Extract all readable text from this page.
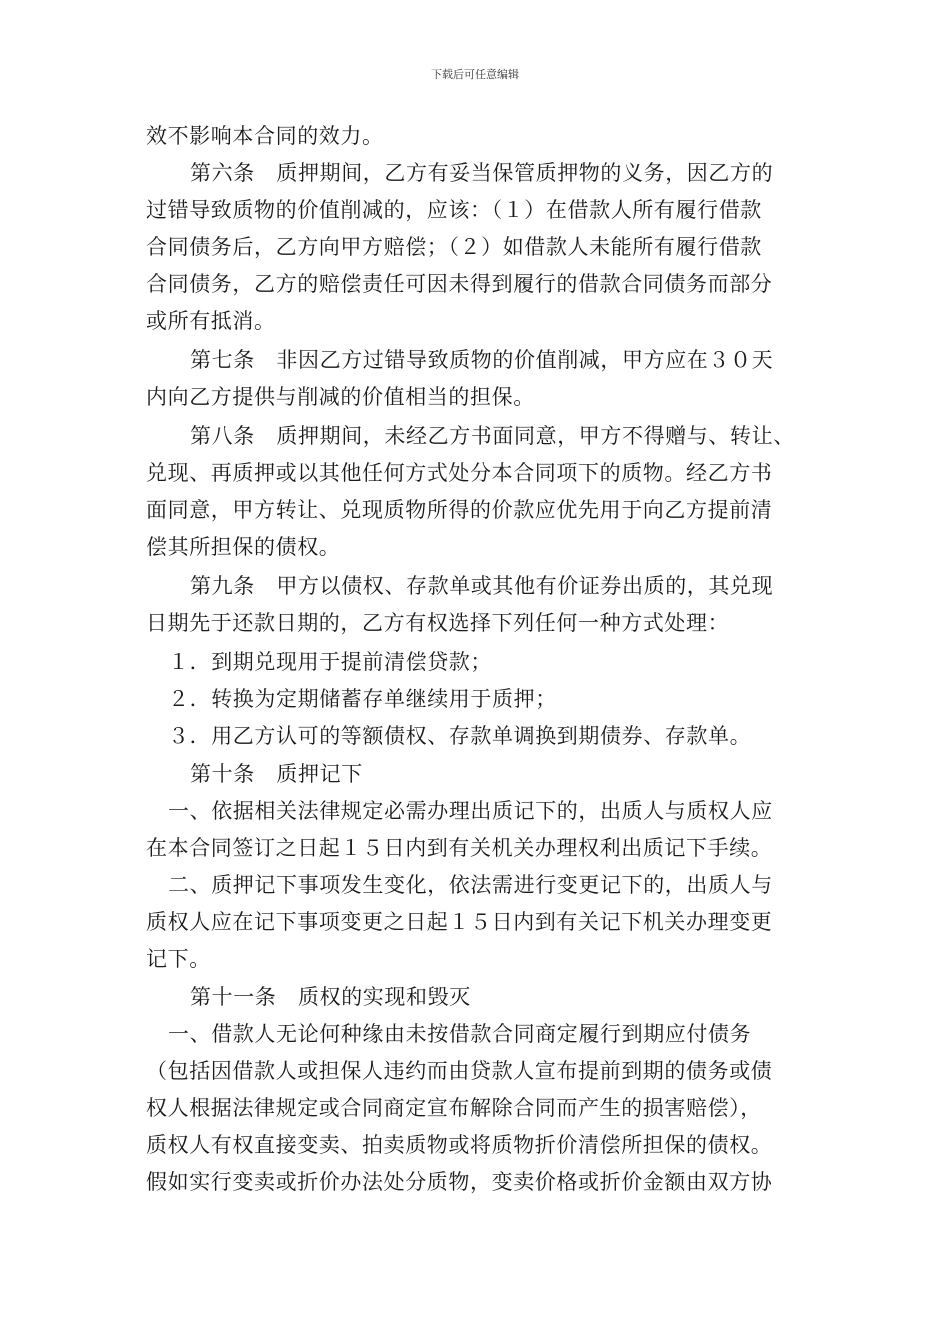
下载后可任意编辑
效不影响本合同的效力。
第六条　质押期间，乙方有妥当保管质押物的义务，因乙方的
过错导致质物的价值削减的，应该：（１）在借款人所有履行借款
合同债务后，乙方向甲方赔偿；（２）如借款人未能所有履行借款
合同债务，乙方的赔偿责任可因未得到履行的借款合同债务而部分
或所有抵消。
第七条　非因乙方过错导致质物的价值削减，甲方应在３０天
内向乙方提供与削减的价值相当的担保。
第八条　质押期间，未经乙方书面同意，甲方不得赠与、转让、
兑现、再质押或以其他任何方式处分本合同项下的质物。经乙方书
面同意，甲方转让、兑现质物所得的价款应优先用于向乙方提前清
偿其所担保的债权。
第九条　甲方以债权、存款单或其他有价证券出质的，其兑现
日期先于还款日期的，乙方有权选择下列任何一种方式处理：
１．到期兑现用于提前清偿贷款；
２．转换为定期储蓄存单继续用于质押；
３．用乙方认可的等额债权、存款单调换到期债券、存款单。
第十条　质押记下
一、依据相关法律规定必需办理出质记下的，出质人与质权人应
在本合同签订之日起１５日内到有关机关办理权利出质记下手续。
二、质押记下事项发生变化，依法需进行变更记下的，出质人与
质权人应在记下事项变更之日起１５日内到有关记下机关办理变更
记下。
第十一条　质权的实现和毁灭
一、借款人无论何种缘由未按借款合同商定履行到期应付债务
（包括因借款人或担保人违约而由贷款人宣布提前到期的债务或债
权人根据法律规定或合同商定宣布解除合同而产生的损害赔偿），
质权人有权直接变卖、拍卖质物或将质物折价清偿所担保的债权。
假如实行变卖或折价办法处分质物，变卖价格或折价金额由双方协
